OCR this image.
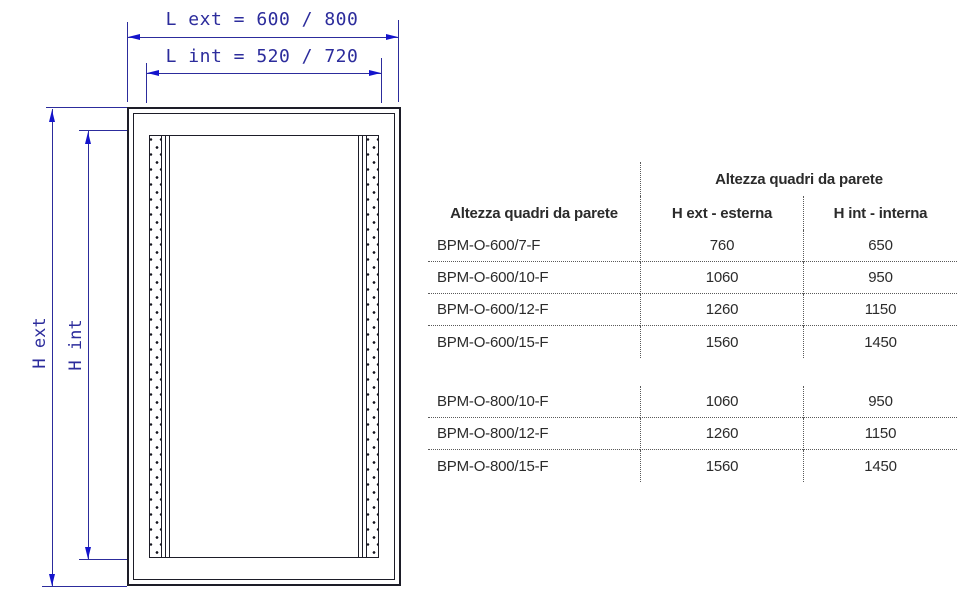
L ext = 600 / 800
L int = 520 / 720
H ext H int
Altezza quadri da parete
Altezza quadri da parete	H ext - esterna	H int - interna
BPM-O-600/7-F	760	650
BPM-O-600/10-F	1060	950
BPM-O-600/12-F	1260	1150
BPM-O-600/15-F	1560	1450
BPM-O-800/10-F	1060	950
BPM-O-800/12-F	1260	1150
BPM-O-800/15-F	1560	1450
